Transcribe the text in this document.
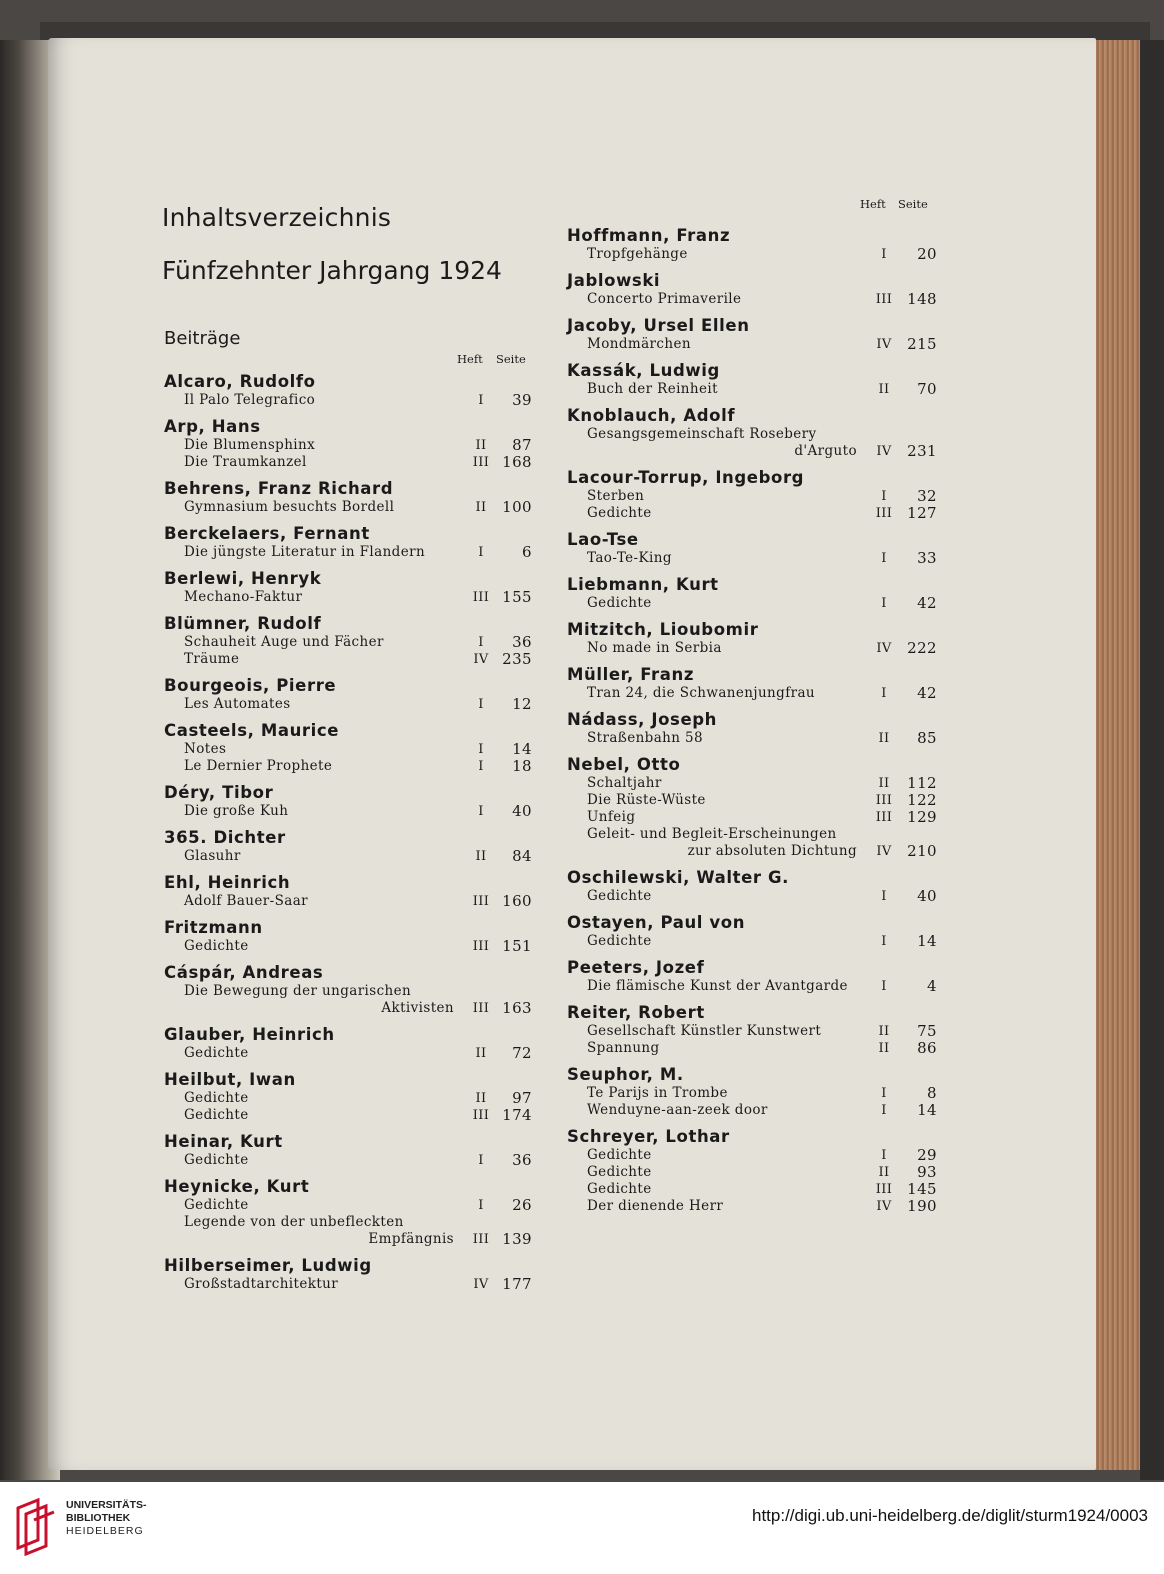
Inhaltsverzeichnis
Fünfzehnter Jahrgang 1924
Beiträge
Heft Seite
Heft Seite
Alcaro, Rudolfo
Il Palo Telegrafico	I	39
Arp, Hans
Die Blumensphinx	II	87
Die Traumkanzel	III 168
Behrens, Franz Richard
Gymnasium besuchts Bordell	II	100
Berckelaers, Fernant
Die jüngste Literatur in Flandern	I	6
Berlewi, Henryk
Mechano-Faktur	III 155
Blümner, Rudolf
Schauheit Auge und Fächer	I	36
Träume	IV 235
Bourgeois, Pierre
Les Automates	I	12
Casteels, Maurice
Notes	I	14
Le Dernier Prophete	I	18
Déry, Tibor
Die große Kuh	I	40
365. Dichter
Glasuhr	II	84
Ehl, Heinrich
Adolf Bauer-Saar	III 160
Fritzmann
Gedichte	III 151
Cáspár, Andreas
Die Bewegung der ungarischen
Aktivisten	III 163
Glauber, Heinrich
Gedichte	II	72
Heilbut, Iwan
Gedichte	II	97
Gedichte	III 174
Heinar, Kurt
Gedichte	I	36
Heynicke, Kurt
Gedichte	I	26
Legende von der unbefleckten
Empfängnis	III 139
Hilberseimer, Ludwig
Großstadtarchitektur	IV 177
Hoffmann, Franz
Tropfgehänge	I	20
Jablowski
Concerto Primaverile	III 148
Jacoby, Ursel Ellen
Mondmärchen	IV	215
Kassák, Ludwig
Buch der Reinheit	II	70
Knoblauch, Adolf
Gesangsgemeinschaft Rosebery
d'Arguto	IV	231
Lacour-Torrup, Ingeborg
Sterben	I	32
Gedichte	III 127
Lao-Tse
Tao-Te-King	I	33
Liebmann, Kurt
Gedichte	I	42
Mitzitch, Lioubomir
No made in Serbia	IV	222
Müller, Franz
Tran 24, die Schwanenjungfrau	I	42
Nádass, Joseph
Straßenbahn 58	II	85
Nebel, Otto
Schaltjahr	II	112
Die Rüste-Wüste	III 122
Unfeig	III 129
Geleit- und Begleit-Erscheinungen
zur absoluten Dichtung	IV	210
Oschilewski, Walter G.
Gedichte	I	40
Ostayen, Paul von
Gedichte	I	14
Peeters, Jozef
Die flämische Kunst der Avantgarde	I	4
Reiter, Robert
Gesellschaft Künstler Kunstwert	II	75
Spannung	II	86
Seuphor, M.
Te Parijs in Trombe	I	8
Wenduyne-aan-zeek door	I	14
Schreyer, Lothar
Gedichte	I	29
Gedichte	II	93
Gedichte	III 145
Der dienende Herr	IV	190
UNIVERSITÄTS-
BIBLIOTHEK
HEIDELBERG
http://digi.ub.uni-heidelberg.de/diglit/sturm1924/0003
